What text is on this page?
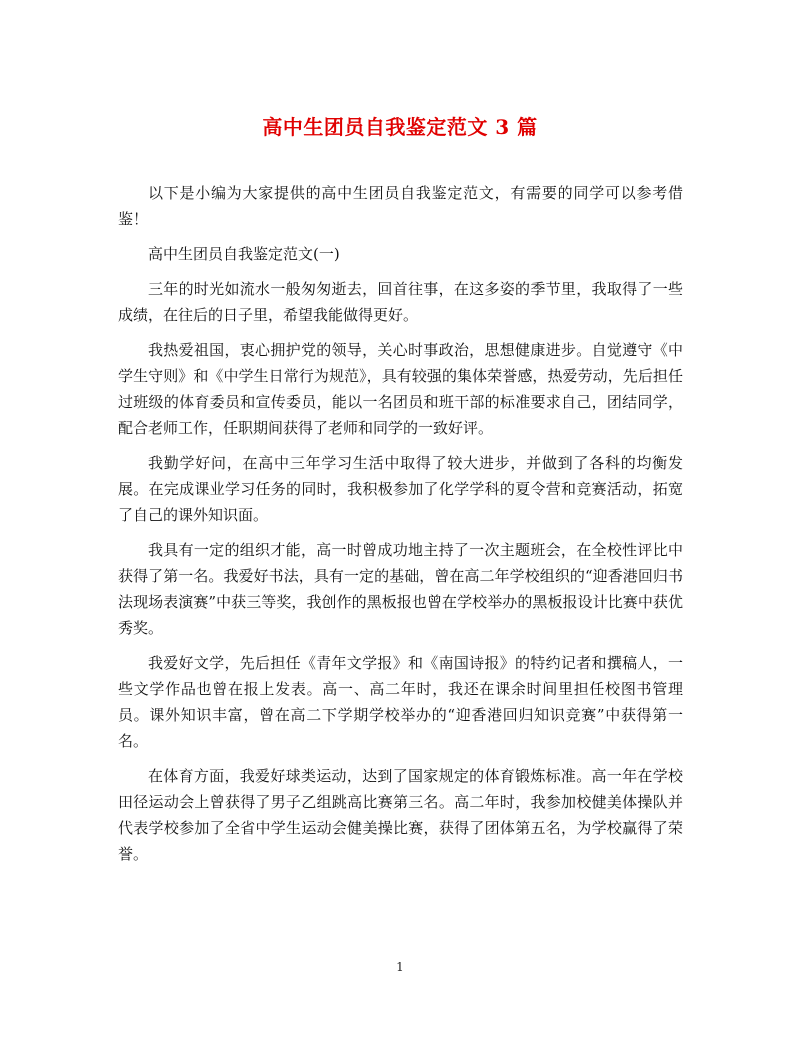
高中生团员自我鉴定范文 3 篇

以下是小编为大家提供的高中生团员自我鉴定范文，有需要的同学可以参考借鉴！

高中生团员自我鉴定范文(一)

三年的时光如流水一般匆匆逝去，回首往事，在这多姿的季节里，我取得了一些成绩，在往后的日子里，希望我能做得更好。

我热爱祖国，衷心拥护党的领导，关心时事政治，思想健康进步。自觉遵守《中学生守则》和《中学生日常行为规范》，具有较强的集体荣誉感，热爱劳动，先后担任过班级的体育委员和宣传委员，能以一名团员和班干部的标准要求自己，团结同学，配合老师工作，任职期间获得了老师和同学的一致好评。

我勤学好问，在高中三年学习生活中取得了较大进步，并做到了各科的均衡发展。在完成课业学习任务的同时，我积极参加了化学学科的夏令营和竞赛活动，拓宽了自己的课外知识面。

我具有一定的组织才能，高一时曾成功地主持了一次主题班会，在全校性评比中获得了第一名。我爱好书法，具有一定的基础，曾在高二年学校组织的“迎香港回归书法现场表演赛”中获三等奖，我创作的黑板报也曾在学校举办的黑板报设计比赛中获优秀奖。

我爱好文学，先后担任《青年文学报》和《南国诗报》的特约记者和撰稿人，一些文学作品也曾在报上发表。高一、高二年时，我还在课余时间里担任校图书管理员。课外知识丰富，曾在高二下学期学校举办的“迎香港回归知识竞赛”中获得第一名。

在体育方面，我爱好球类运动，达到了国家规定的体育锻炼标准。高一年在学校田径运动会上曾获得了男子乙组跳高比赛第三名。高二年时，我参加校健美体操队并代表学校参加了全省中学生运动会健美操比赛，获得了团体第五名，为学校赢得了荣誉。

1
